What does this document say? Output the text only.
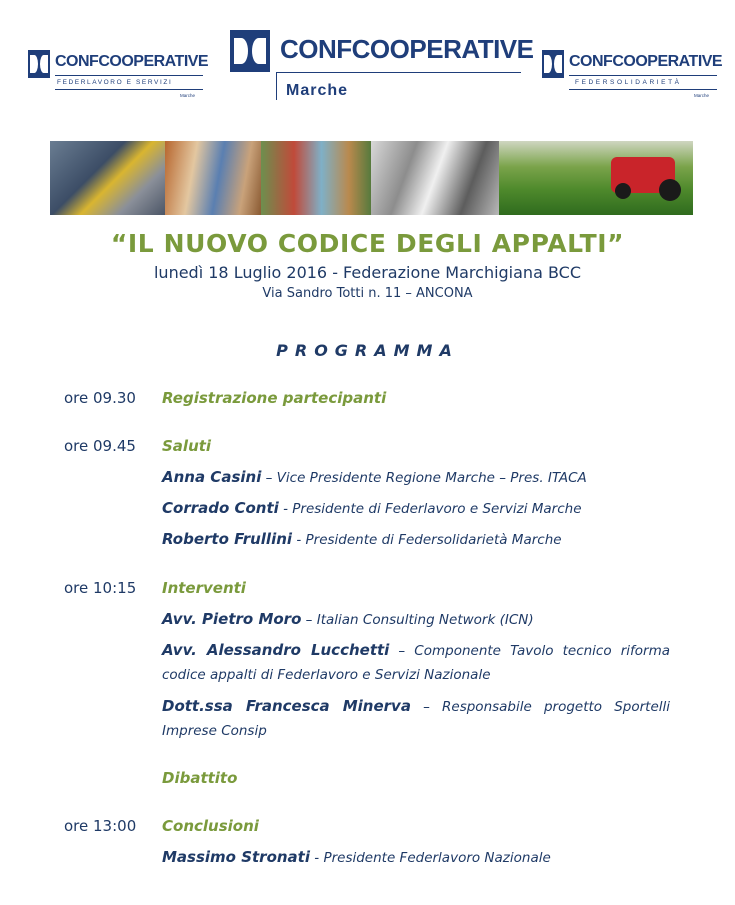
CONFCOOPERATIVE
FEDERLAVORO E SERVIZI
Marche
CONFCOOPERATIVE
Marche
CONFCOOPERATIVE
FEDERSOLIDARIETÀ
Marche
“IL NUOVO CODICE DEGLI APPALTI”
lunedì 18 Luglio 2016 - Federazione Marchigiana BCC
Via Sandro Totti n. 11 – ANCONA
PROGRAMMA
ore 09.30 Registrazione partecipanti
ore 09.45 Saluti
Anna Casini – Vice Presidente Regione Marche – Pres. ITACA
Corrado Conti - Presidente di Federlavoro e Servizi Marche
Roberto Frullini - Presidente di Federsolidarietà Marche
ore 10:15 Interventi
Avv. Pietro Moro – Italian Consulting Network (ICN)
Avv. Alessandro Lucchetti – Componente Tavolo tecnico riforma codice appalti di Federlavoro e Servizi Nazionale
Dott.ssa Francesca Minerva – Responsabile progetto Sportelli Imprese Consip
Dibattito
ore 13:00 Conclusioni
Massimo Stronati - Presidente Federlavoro Nazionale
